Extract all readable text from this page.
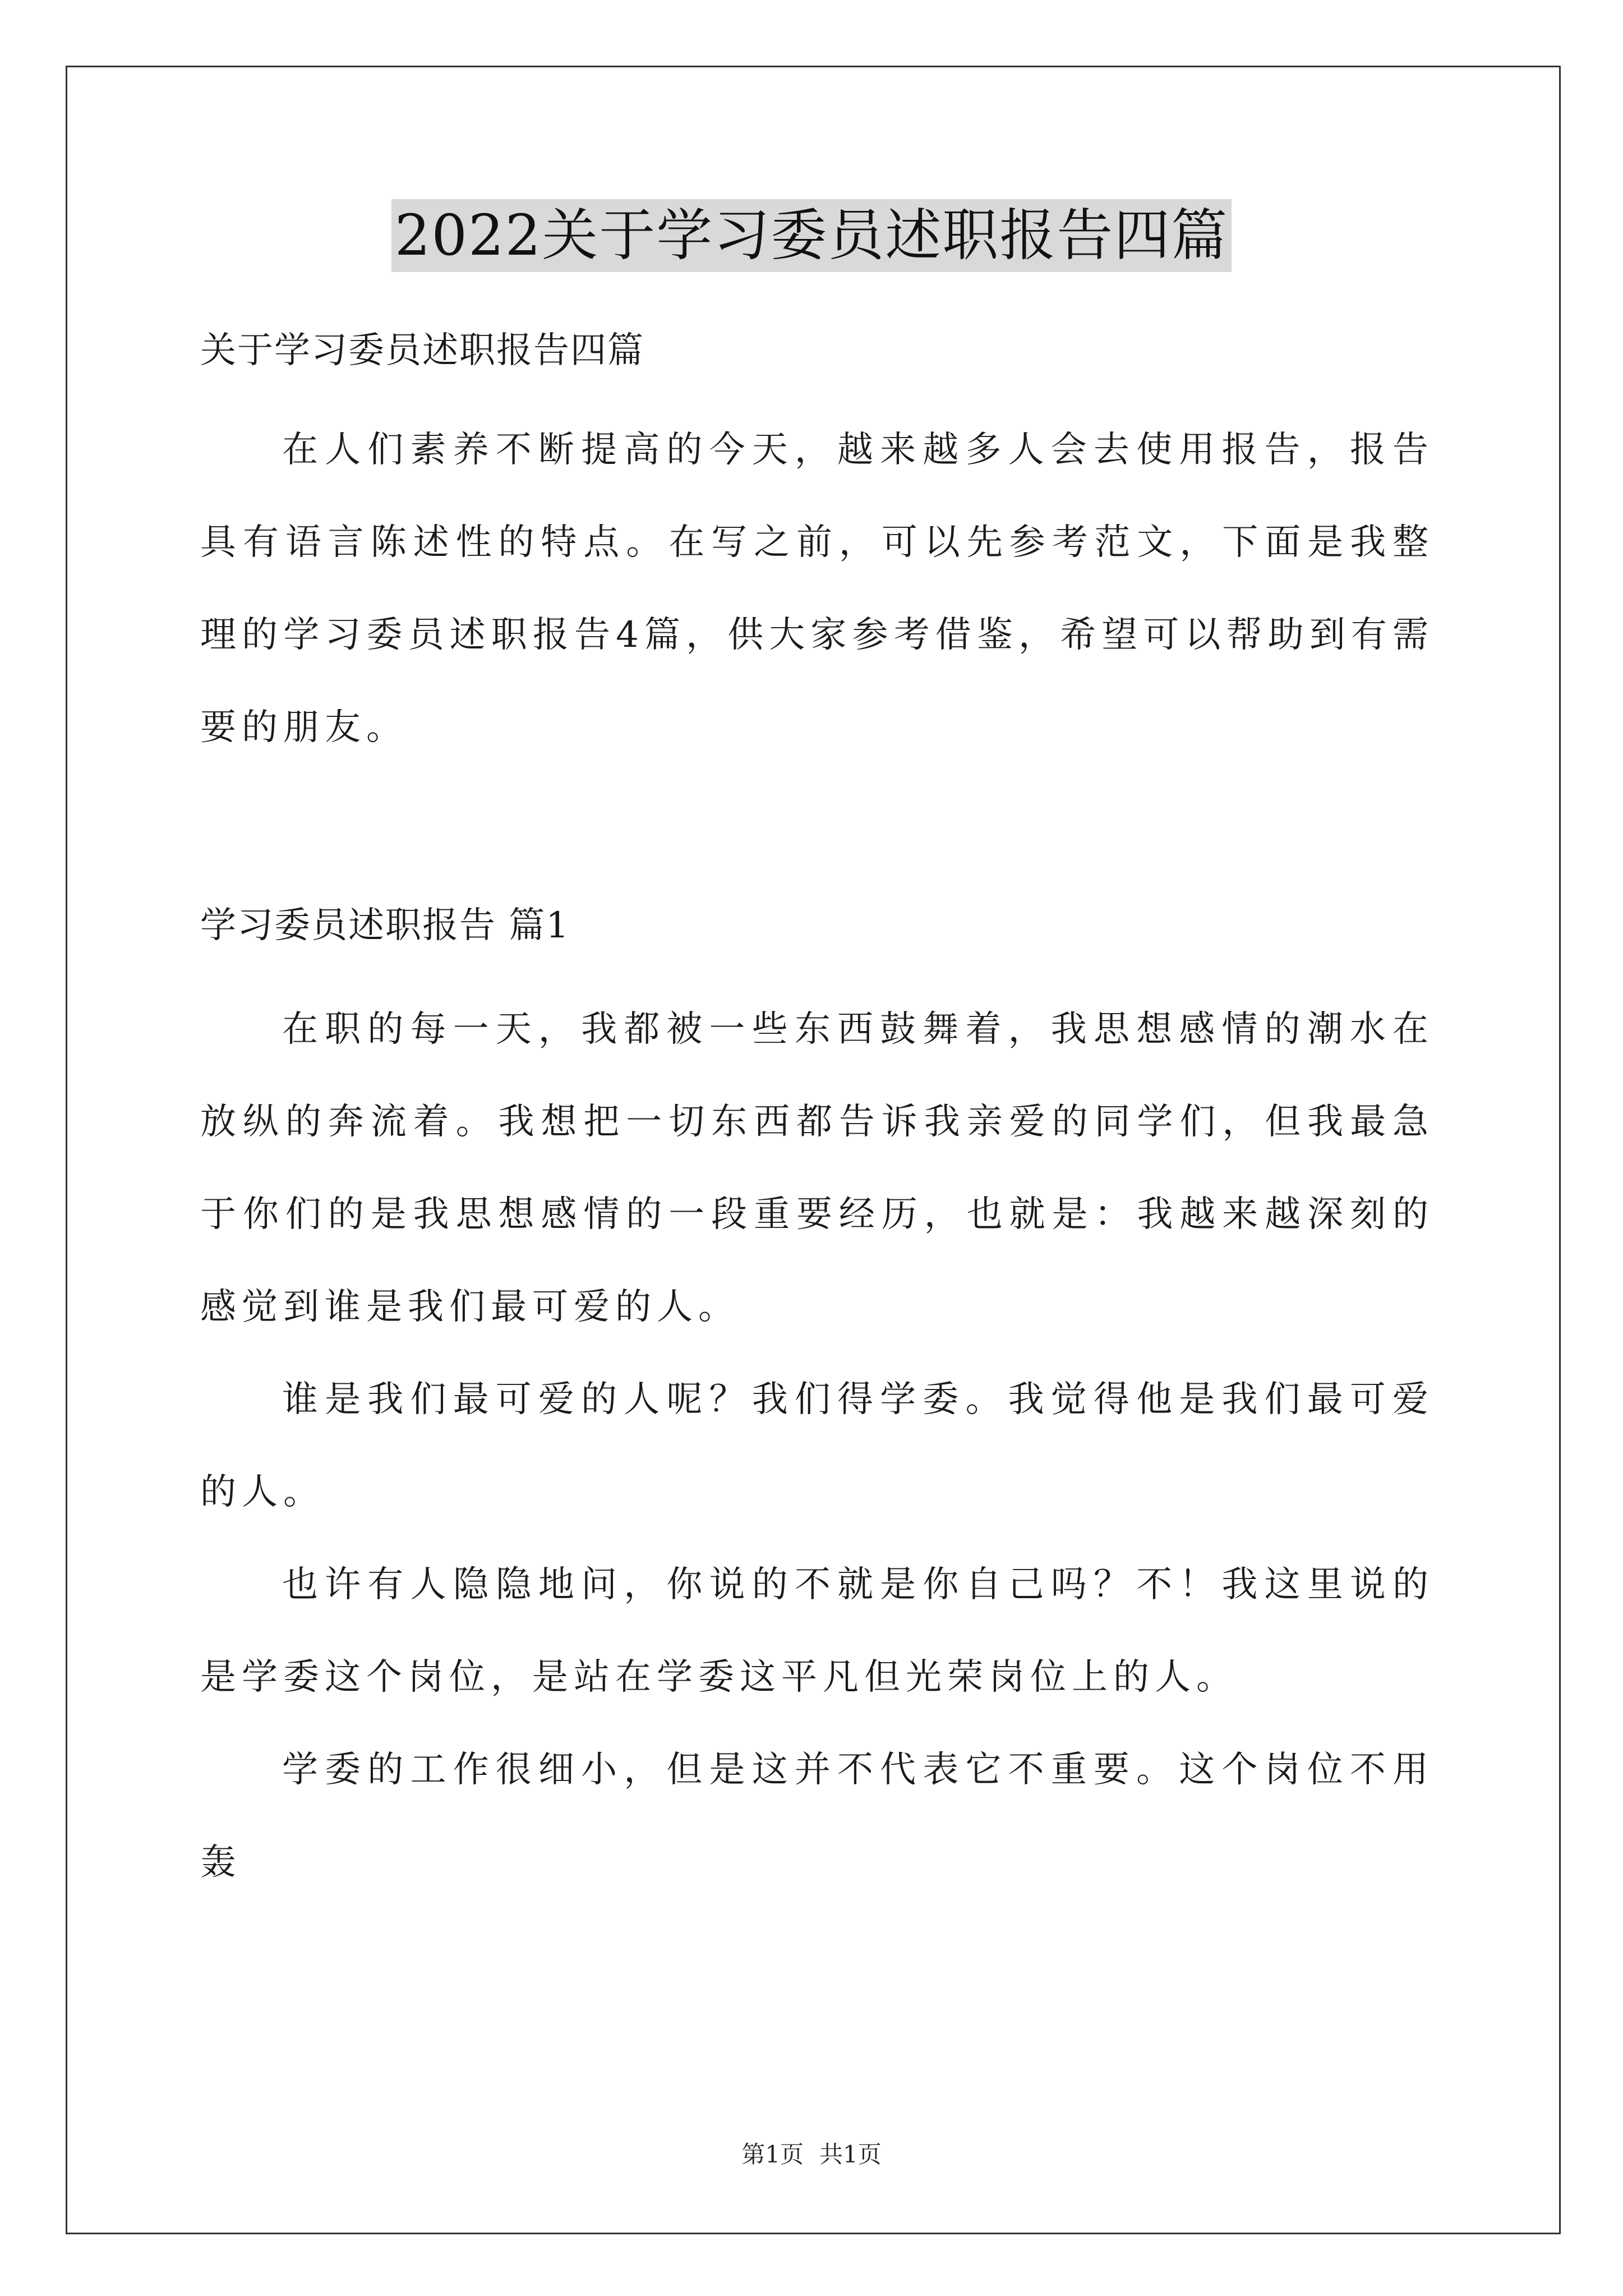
2022关于学习委员述职报告四篇

关于学习委员述职报告四篇

在人们素养不断提高的今天，越来越多人会去使用报告，报告具有语言陈述性的特点。在写之前，可以先参考范文，下面是我整理的学习委员述职报告4篇，供大家参考借鉴，希望可以帮助到有需要的朋友。

学习委员述职报告 篇1

在职的每一天，我都被一些东西鼓舞着，我思想感情的潮水在放纵的奔流着。我想把一切东西都告诉我亲爱的同学们，但我最急于你们的是我思想感情的一段重要经历，也就是：我越来越深刻的感觉到谁是我们最可爱的人。

谁是我们最可爱的人呢？我们得学委。我觉得他是我们最可爱的人。

也许有人隐隐地问，你说的不就是你自己吗？不！我这里说的是学委这个岗位，是站在学委这平凡但光荣岗位上的人。

学委的工作很细小，但是这并不代表它不重要。这个岗位不用轰

第1页 共1页
